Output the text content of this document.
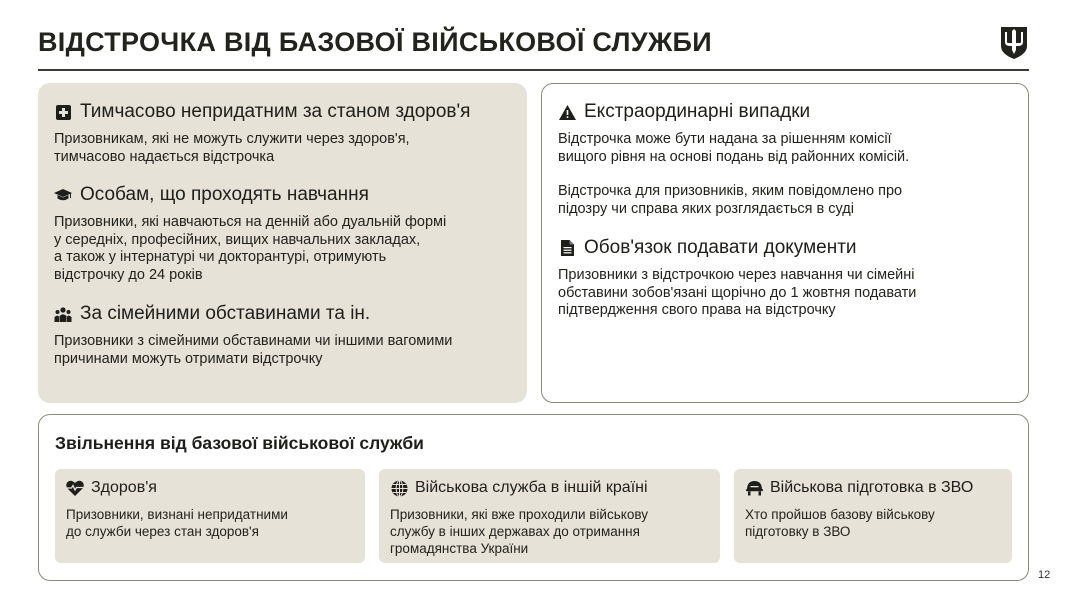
ВІДСТРОЧКА ВІД БАЗОВОЇ ВІЙСЬКОВОЇ СЛУЖБИ
Тимчасово непридатним за станом здоров'я

Призовникам, які не можуть служити через здоров'я,

тимчасово надається відстрочка

Особам, що проходять навчання

Призовники, які навчаються на денній або дуальній формі

у середніх, професійних, вищих навчальних закладах,

а також у інтернатурі чи докторантурі, отримують

відстрочку до 24 років

За сімейними обставинами та ін.

Призовники з сімейними обставинами чи іншими вагомими

причинами можуть отримати відстрочку

Екстраординарні випадки

Відстрочка може бути надана за рішенням комісії

вищого рівня на основі подань від районних комісій.

Відстрочка для призовників, яким повідомлено про

підозру чи справа яких розглядається в суді

Обов'язок подавати документи

Призовники з відстрочкою через навчання чи сімейні

обставини зобов'язані щорічно до 1 жовтня подавати

підтвердження свого права на відстрочку

Звільнення від базової військової служби
Здоров'я

Призовники, визнані непридатними

до служби через стан здоров'я

Військова служба в іншій країні

Призовники, які вже проходили військову

службу в інших державах до отримання

громадянства України

Військова підготовка в ЗВО

Хто пройшов базову військову

підготовку в ЗВО

12
